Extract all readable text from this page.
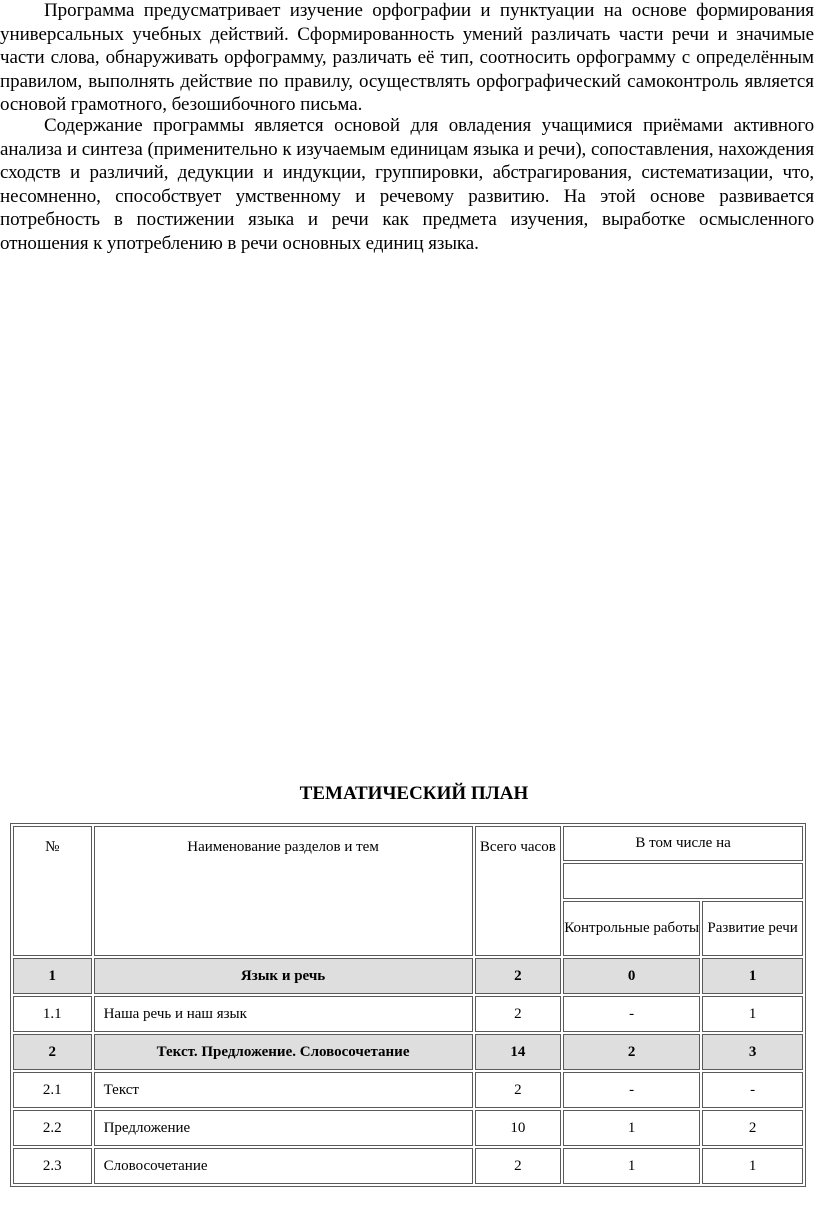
Программа предусматривает изучение орфографии и пунктуации на основе формирования универсальных учебных действий. Сформированность умений различать части речи и значимые части слова, обнаруживать орфограмму, различать её тип, соотносить орфограмму с определённым правилом, выполнять действие по правилу, осуществлять орфографический самоконтроль является основой грамотного, безошибочного письма.

Содержание программы является основой для овладения учащимися приёмами активного анализа и синтеза (применительно к изучаемым единицам языка и речи), сопоставления, нахождения сходств и различий, дедукции и индукции, группировки, абстрагирования, систематизации, что, несомненно, способствует умственному и речевому развитию. На этой основе развивается потребность в постижении языка и речи как предмета изучения, выработке осмысленного отношения к употреблению в речи основных единиц языка.

ТЕМАТИЧЕСКИЙ ПЛАН
№	Наименование разделов и тем	Всего часов	В том числе на	

			Контрольные работы	Развитие речи
1	Язык и речь	2	0	1
1.1	Наша речь и наш язык	2	-	1
2	Текст. Предложение. Словосочетание	14	2	3
2.1	Текст	2	-	-
2.2	Предложение	10	1	2
2.3	Словосочетание	2	1	1
